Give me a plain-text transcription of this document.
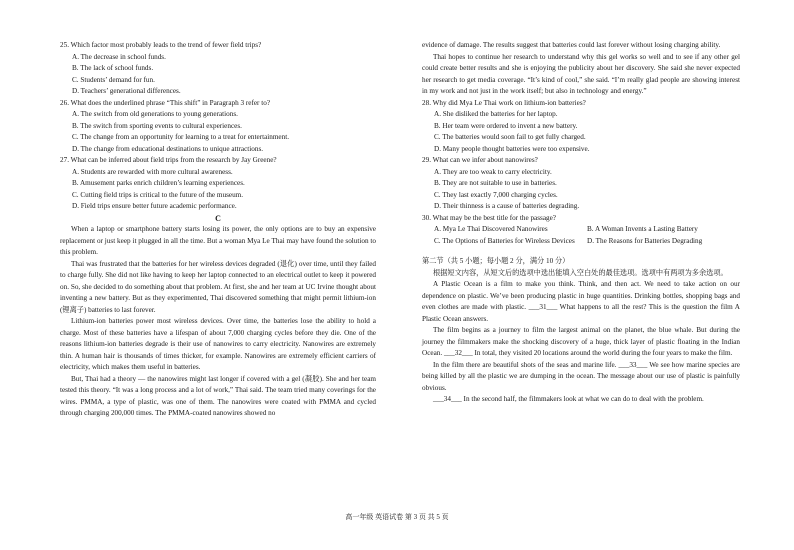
25. Which factor most probably leads to the trend of fewer field trips?
A. The decrease in school funds.
B. The lack of school funds.
C. Students’ demand for fun.
D. Teachers’ generational differences.
26. What does the underlined phrase “This shift” in Paragraph 3 refer to?
A. The switch from old generations to young generations.
B. The switch from sporting events to cultural experiences.
C. The change from an opportunity for learning to a treat for entertainment.
D. The change from educational destinations to unique attractions.
27. What can be inferred about field trips from the research by Jay Greene?
A. Students are rewarded with more cultural awareness.
B. Amusement parks enrich children’s learning experiences.
C. Cutting field trips is critical to the future of the museum.
D. Field trips ensure better future academic performance.
C
When a laptop or smartphone battery starts losing its power, the only options are to buy an expensive replacement or just keep it plugged in all the time. But a woman Mya Le Thai may have found the solution to this problem.
Thai was frustrated that the batteries for her wireless devices degraded (退化) over time, until they failed to charge fully. She did not like having to keep her laptop connected to an electrical outlet to keep it powered on. So, she decided to do something about that problem. At first, she and her team at UC Irvine thought about inventing a new battery. But as they experimented, Thai discovered something that might permit lithium-ion (锂离子) batteries to last forever.
Lithium-ion batteries power most wireless devices. Over time, the batteries lose the ability to hold a charge. Most of these batteries have a lifespan of about 7,000 charging cycles before they die. One of the reasons lithium-ion batteries degrade is their use of nanowires to carry electricity. Nanowires are extremely thin. A human hair is thousands of times thicker, for example. Nanowires are extremely efficient carriers of electricity, which makes them useful in batteries.
But, Thai had a theory — the nanowires might last longer if covered with a gel (凝胶). She and her team tested this theory. “It was a long process and a lot of work,” Thai said. The team tried many coverings for the wires. PMMA, a type of plastic, was one of them. The nanowires were coated with PMMA and cycled through charging 200,000 times. The PMMA-coated nanowires showed no
evidence of damage. The results suggest that batteries could last forever without losing charging ability.
Thai hopes to continue her research to understand why this gel works so well and to see if any other gel could create better results and she is enjoying the publicity about her discovery. She said she never expected her research to get media coverage. “It’s kind of cool,” she said. “I’m really glad people are showing interest in my work and not just in the work itself; but also in technology and energy.”
28. Why did Mya Le Thai work on lithium-ion batteries?
A. She disliked the batteries for her laptop.
B. Her team were ordered to invent a new battery.
C. The batteries would soon fail to get fully charged.
D. Many people thought batteries were too expensive.
29. What can we infer about nanowires?
A. They are too weak to carry electricity.
B. They are not suitable to use in batteries.
C. They last exactly 7,000 charging cycles.
D. Their thinness is a cause of batteries degrading.
30. What may be the best title for the passage?
A. Mya Le Thai Discovered Nanowires	B. A Woman Invents a Lasting Battery
C. The Options of Batteries for Wireless Devices	D. The Reasons for Batteries Degrading
第二节（共 5 小题；每小题 2 分，满分 10 分）
根据短文内容，从短文后的选项中选出能填入空白处的最佳选项。选项中有两项为多余选项。
A Plastic Ocean is a film to make you think. Think, and then act. We need to take action on our dependence on plastic. We’ve been producing plastic in huge quantities. Drinking bottles, shopping bags and even clothes are made with plastic. ___31___ What happens to all the rest? This is the question the film A Plastic Ocean answers.
The film begins as a journey to film the largest animal on the planet, the blue whale. But during the journey the filmmakers make the shocking discovery of a huge, thick layer of plastic floating in the Indian Ocean. ___32___ In total, they visited 20 locations around the world during the four years to make the film.
In the film there are beautiful shots of the seas and marine life. ___33___ We see how marine species are being killed by all the plastic we are dumping in the ocean. The message about our use of plastic is painfully obvious.
___34___ In the second half, the filmmakers look at what we can do to deal with the problem.
高一年级 英语试卷 第 3 页 共 5 页
